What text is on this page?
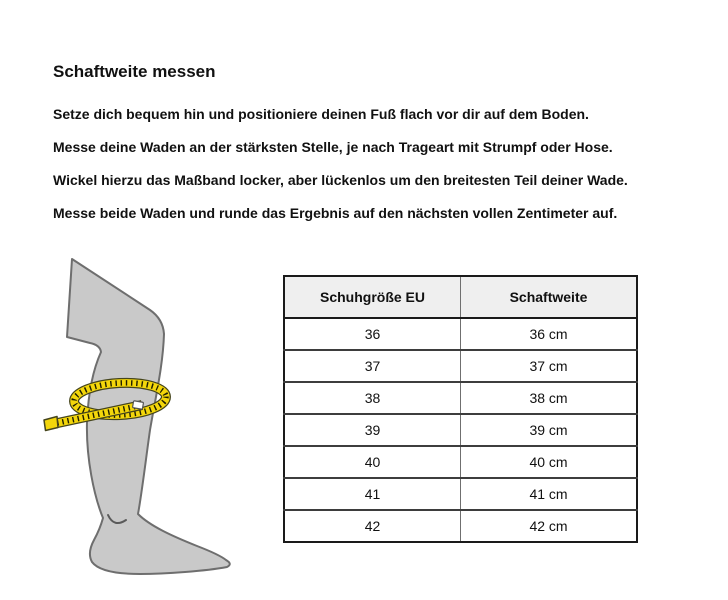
Schaftweite messen

Setze dich bequem hin und positioniere deinen Fuß flach vor dir auf dem Boden.

Messe deine Waden an der stärksten Stelle, je nach Trageart mit Strumpf oder Hose.

Wickel hierzu das Maßband locker, aber lückenlos um den breitesten Teil deiner Wade.

Messe beide Waden und runde das Ergebnis auf den nächsten vollen Zentimeter auf.

Schuhgröße EU	Schaftweite
36	36 cm
37	37 cm
38	38 cm
39	39 cm
40	40 cm
41	41 cm
42	42 cm
